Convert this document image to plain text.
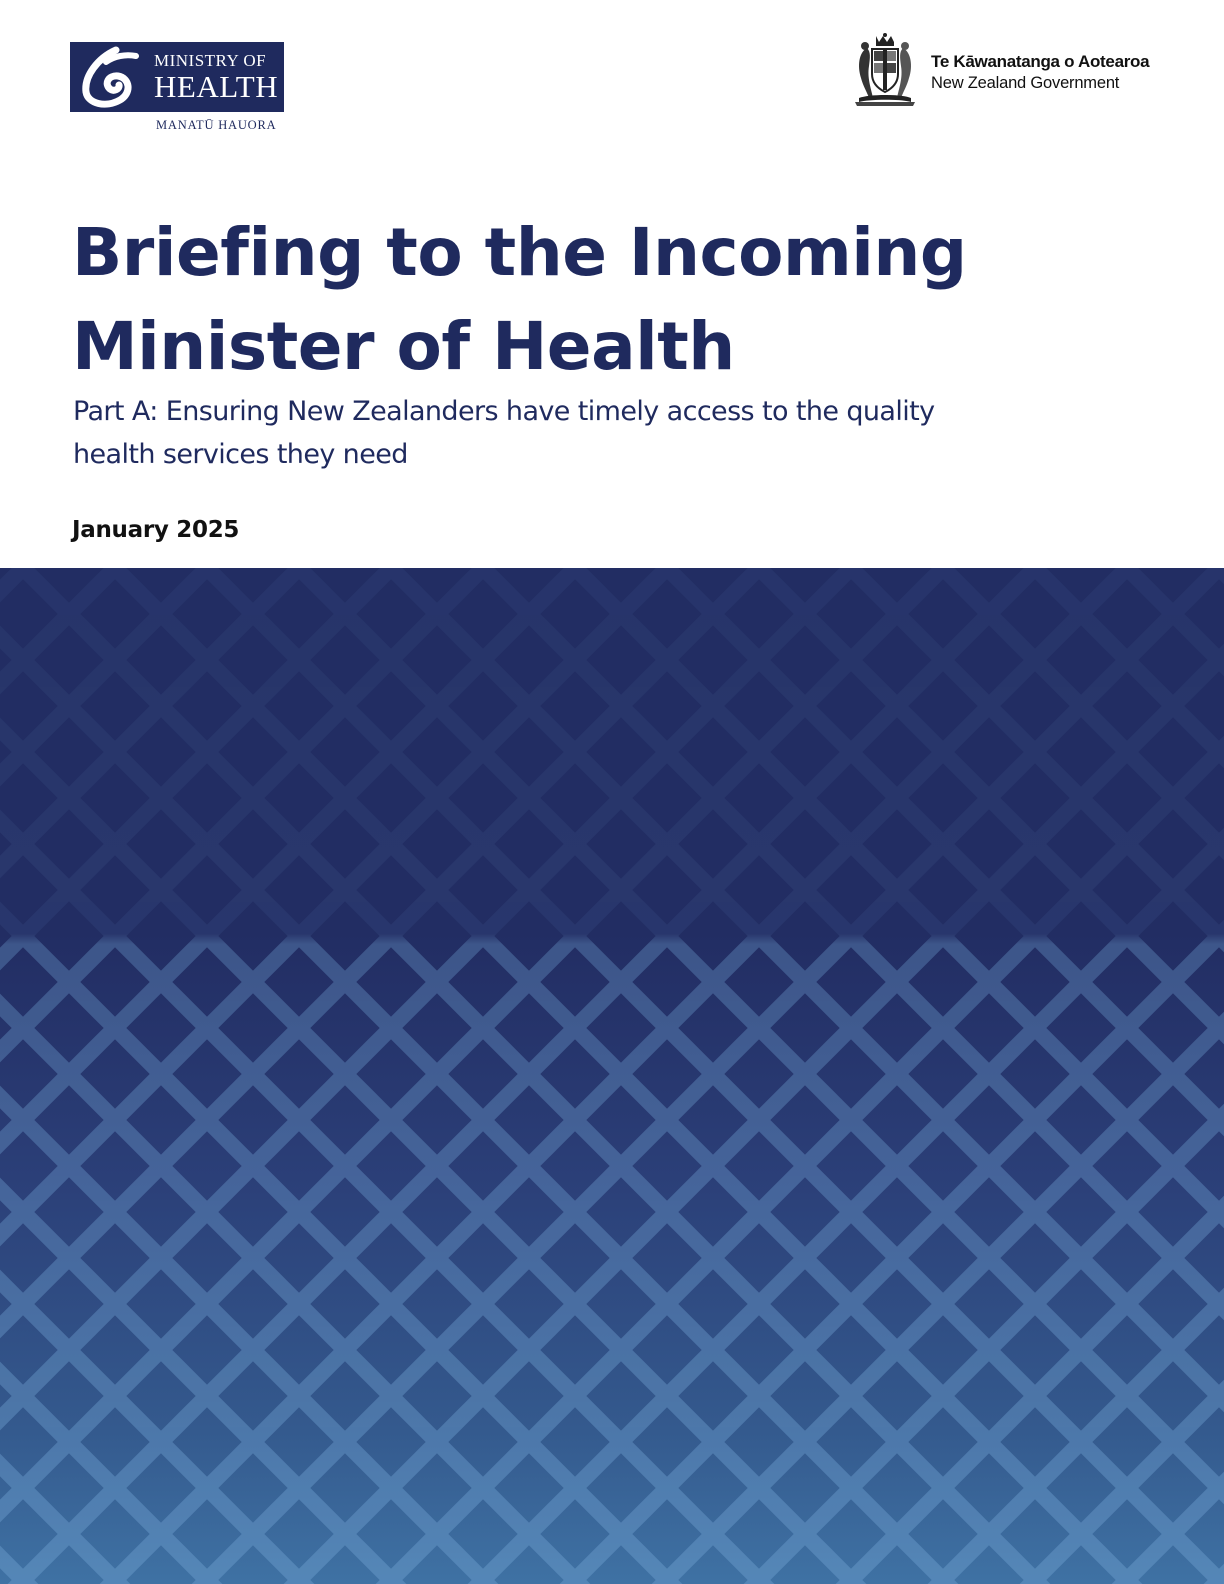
MINISTRY OF
HEALTH
MANATŪ HAUORA
Te Kāwanatanga o Aotearoa
New Zealand Government
Briefing to the Incoming
Minister of Health

Part A: Ensuring New Zealanders have timely access to the quality
health services they need

January 2025
